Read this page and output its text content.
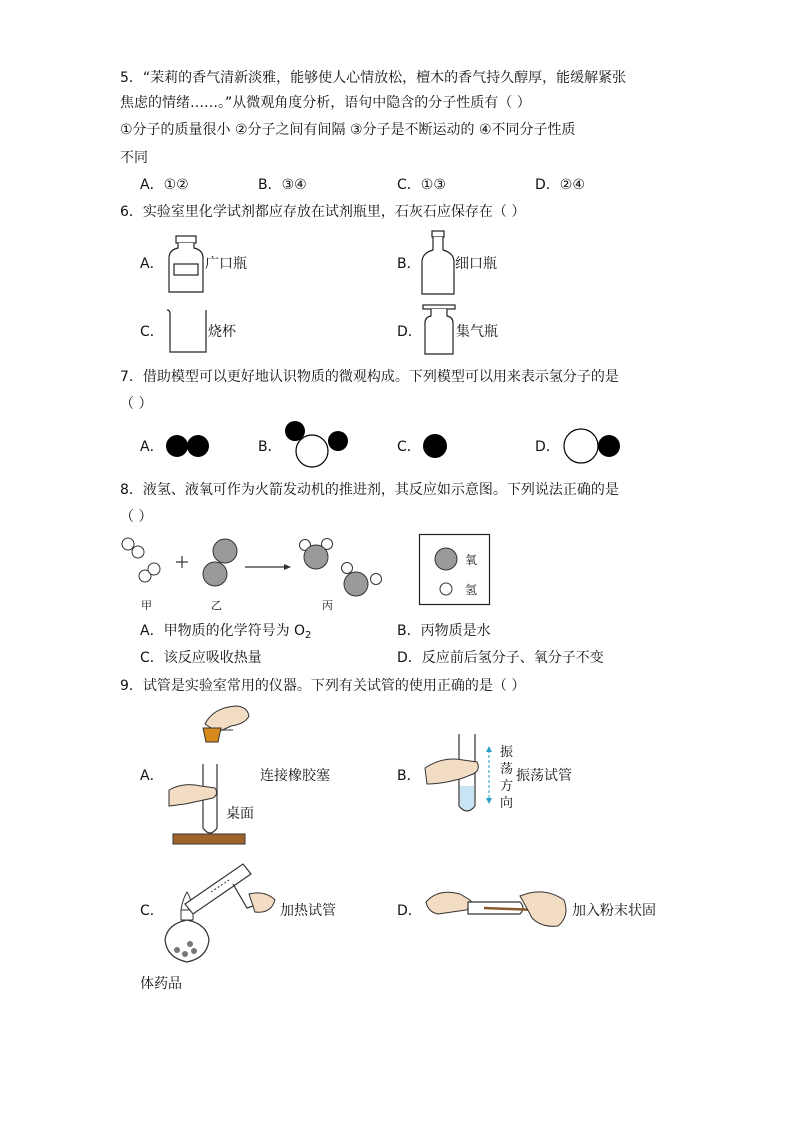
5．“茉莉的香气清新淡雅，能够使人心情放松，檀木的香气持久醇厚，能缓解紧张
焦虑的情绪……。”从微观角度分析，语句中隐含的分子性质有（ ）
①分子的质量很小 ②分子之间有间隔 ③分子是不断运动的 ④不同分子性质
不同
A．①②	B．③④	C．①③	D．②④
6．实验室里化学试剂都应存放在试剂瓶里，石灰石应保存在（ ）
A．	广口瓶	B． 细口瓶
C．	烧杯	D． 集气瓶
7．借助模型可以更好地认识物质的微观构成。下列模型可以用来表示氢分子的是
（ ）
A．	B．	C．	D．
8．液氢、液氧可作为火箭发动机的推进剂，其反应如示意图。下列说法正确的是
（ ）
甲	乙	丙
氧
氢
A．甲物质的化学符号为 $O_2$	B．丙物质是水
C．该反应吸收热量	D．反应前后氢分子、氧分子不变
9．试管是实验室常用的仪器。下列有关试管的使用正确的是（ ）
A．
桌面
连接橡胶塞	B．
振
荡
方
向
振荡试管
C．	加热试管	D．	加入粉末状固
体药品
